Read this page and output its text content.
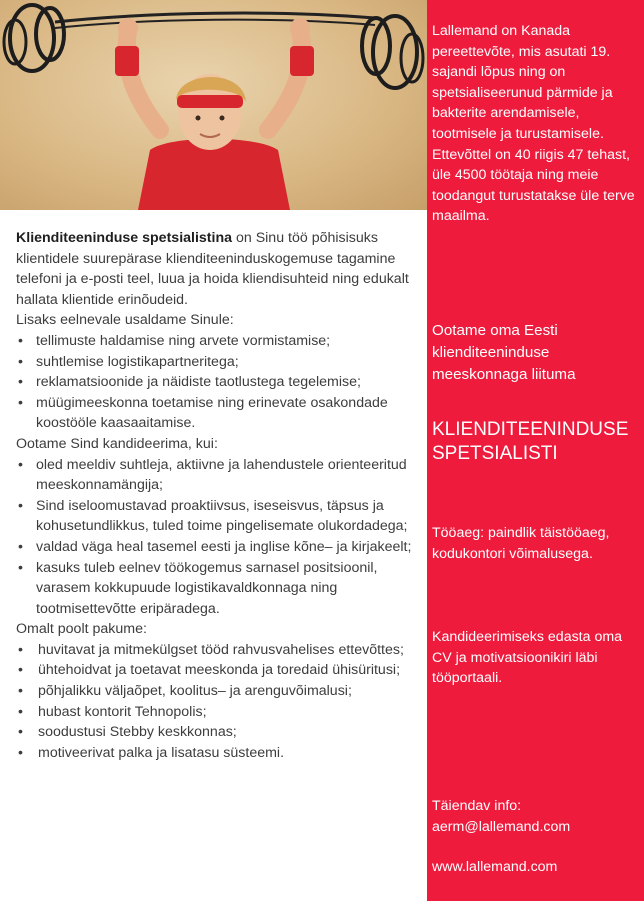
Klienditeeninduse spetsialistina on Sinu töö põhisisuks klientidele suurepärase klienditeeninduskogemuse tagamine telefoni ja e-posti teel, luua ja hoida kliendisuhteid ning edukalt hallata klientide erinõudeid.

Lisaks eelnevale usaldame Sinule:

• tellimuste haldamise ning arvete vormistamise;
• suhtlemise logistikapartneritega;
• reklamatsioonide ja näidiste taotlustega tegelemise;
• müügimeeskonna toetamise ning erinevate osakondade koostööle kaasaaitamise.

Ootame Sind kandideerima, kui:

• oled meeldiv suhtleja, aktiivne ja lahendustele orienteeritud meeskonnamängija;
• Sind iseloomustavad proaktiivsus, iseseisvus, täpsus ja kohusetundlikkus, tuled toime pingelisemate olukordadega;
• valdad väga heal tasemel eesti ja inglise kõne– ja kirjakeelt;
• kasuks tuleb eelnev töökogemus sarnasel positsioonil, varasem kokkupuude logistikavaldkonnaga ning tootmisettevõtte eripäradega.

Omalt poolt pakume:

• huvitavat ja mitmekülgset tööd rahvusvahelises ettevõttes;
• ühtehoidvat ja toetavat meeskonda ja toredaid ühisüritusi;
• põhjalikku väljaõpet, koolitus– ja arenguvõimalusi;
• hubast kontorit Tehnopolis;
• soodustusi Stebby keskkonnas;
• motiveerivat palka ja lisatasu süsteemi.
Lallemand on Kanada pereettevõte, mis asutati 19. sajandi lõpus ning on spetsialiseerunud pärmide ja bakterite arendamisele, tootmisele ja turustamisele. Ettevõttel on 40 riigis 47 tehast, üle 4500 töötaja ning meie toodangut turustatakse üle terve maailma.
Ootame oma Eesti klienditeeninduse meeskonnaga liituma
KLIENDITEENINDUSE SPETSIALISTI
Tööaeg: paindlik täistööaeg, kodukontori võimalusega.
Kandideerimiseks edasta oma CV ja motivatsioonikiri läbi tööportaali.
Täiendav info:
aerm@lallemand.com
www.lallemand.com
